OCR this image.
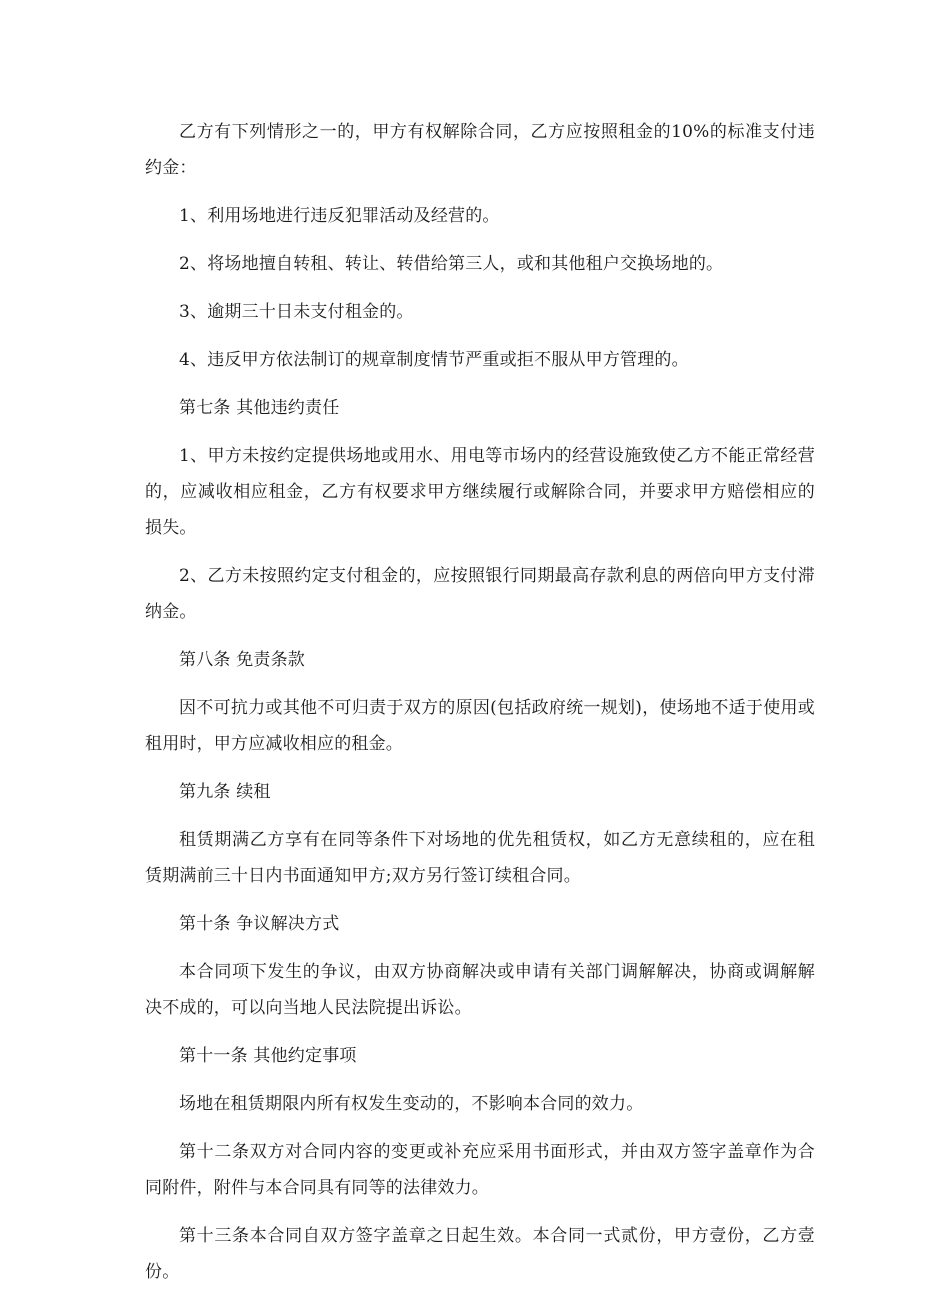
乙方有下列情形之一的，甲方有权解除合同，乙方应按照租金的10%的标准支付违约金：

1、利用场地进行违反犯罪活动及经营的。

2、将场地擅自转租、转让、转借给第三人，或和其他租户交换场地的。

3、逾期三十日未支付租金的。

4、违反甲方依法制订的规章制度情节严重或拒不服从甲方管理的。

第七条 其他违约责任

1、甲方未按约定提供场地或用水、用电等市场内的经营设施致使乙方不能正常经营的，应减收相应租金，乙方有权要求甲方继续履行或解除合同，并要求甲方赔偿相应的损失。

2、乙方未按照约定支付租金的，应按照银行同期最高存款利息的两倍向甲方支付滞纳金。

第八条 免责条款

因不可抗力或其他不可归责于双方的原因(包括政府统一规划)，使场地不适于使用或租用时，甲方应减收相应的租金。

第九条 续租

租赁期满乙方享有在同等条件下对场地的优先租赁权，如乙方无意续租的，应在租赁期满前三十日内书面通知甲方;双方另行签订续租合同。

第十条 争议解决方式

本合同项下发生的争议，由双方协商解决或申请有关部门调解解决，协商或调解解决不成的，可以向当地人民法院提出诉讼。

第十一条 其他约定事项

场地在租赁期限内所有权发生变动的，不影响本合同的效力。

第十二条双方对合同内容的变更或补充应采用书面形式，并由双方签字盖章作为合同附件，附件与本合同具有同等的法律效力。

第十三条本合同自双方签字盖章之日起生效。本合同一式贰份，甲方壹份，乙方壹份。
